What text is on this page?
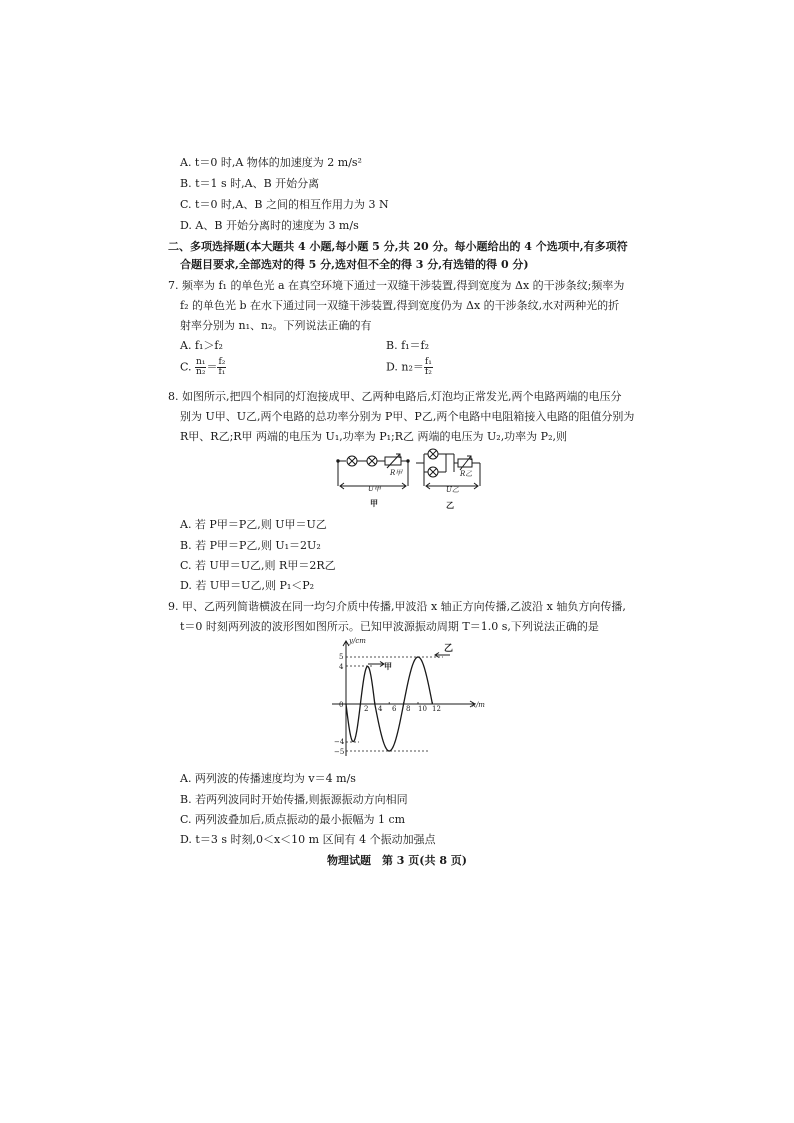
A. t＝0 时,A 物体的加速度为 2 m/s²
B. t＝1 s 时,A、B 开始分离
C. t＝0 时,A、B 之间的相互作用力为 3 N
D. A、B 开始分离时的速度为 3 m/s
二、多项选择题(本大题共 4 小题,每小题 5 分,共 20 分。每小题给出的 4 个选项中,有多项符
合题目要求,全部选对的得 5 分,选对但不全的得 3 分,有选错的得 0 分)
7. 频率为 f₁ 的单色光 a 在真空环境下通过一双缝干涉装置,得到宽度为 Δx 的干涉条纹;频率为
f₂ 的单色光 b 在水下通过同一双缝干涉装置,得到宽度仍为 Δx 的干涉条纹,水对两种光的折
射率分别为 n₁、n₂。下列说法正确的有
A. f₁＞f₂	B. f₁＝f₂
C. $\frac{\text{n₁}}{\text{n₂}} = \frac{\text{f₂}}{\text{f₁}}$	D. $n_2= \frac{\text{f₁}}{\text{f₂}}$
8. 如图所示,把四个相同的灯泡接成甲、乙两种电路后,灯泡均正常发光,两个电路两端的电压分
别为 U甲、U乙,两个电路的总功率分别为 P甲、P乙,两个电路中电阻箱接入电路的阻值分别为
R甲、R乙;R甲 两端的电压为 U₁,功率为 P₁;R乙 两端的电压为 U₂,功率为 P₂,则
R甲
U甲
甲
R乙
U乙
乙
A. 若 P甲＝P乙,则 U甲＝U乙
B. 若 P甲＝P乙,则 U₁＝2U₂
C. 若 U甲＝U乙,则 R甲＝2R乙
D. 若 U甲＝U乙,则 P₁＜P₂
9. 甲、乙两列简谐横波在同一均匀介质中传播,甲波沿 x 轴正方向传播,乙波沿 x 轴负方向传播,
t＝0 时刻两列波的波形图如图所示。已知甲波源振动周期 T＝1.0 s,下列说法正确的是
甲
乙
y/cm
x/m
0
5
4
−4
−5
2 4 6 8 10 12
A. 两列波的传播速度均为 v＝4 m/s
B. 若两列波同时开始传播,则振源振动方向相同
C. 两列波叠加后,质点振动的最小振幅为 1 cm
D. t＝3 s 时刻,0＜x＜10 m 区间有 4 个振动加强点
物理试题　第 3 页(共 8 页)
